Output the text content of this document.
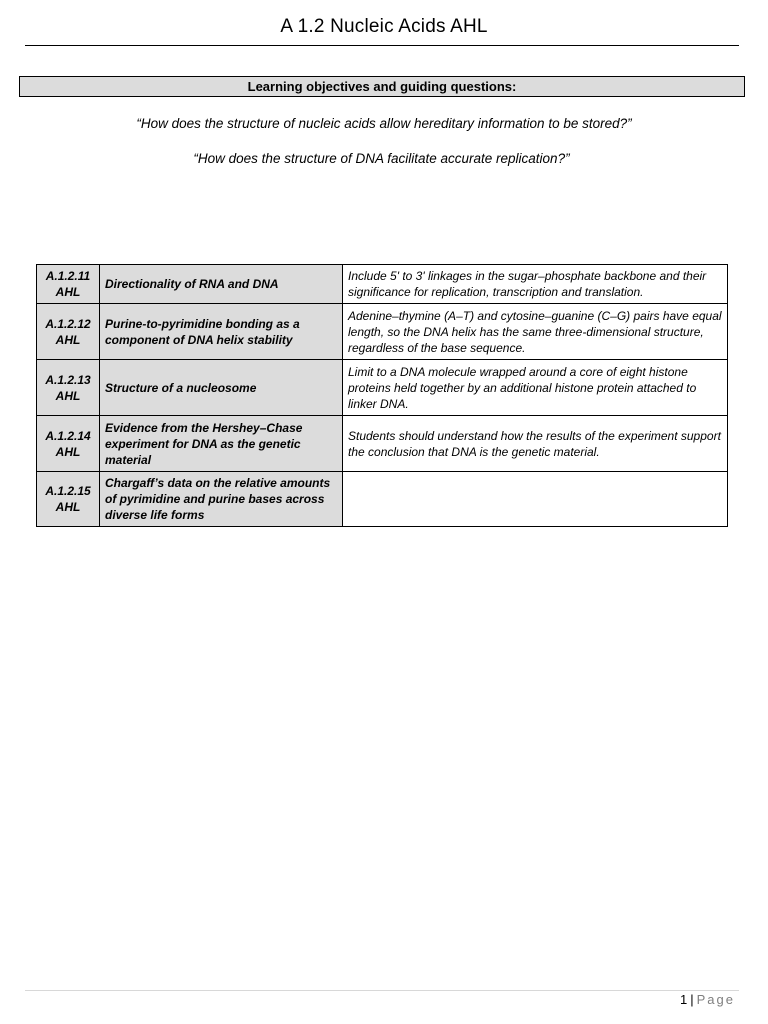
A 1.2 Nucleic Acids AHL
Learning objectives and guiding questions:
“How does the structure of nucleic acids allow hereditary information to be stored?”
“How does the structure of DNA facilitate accurate replication?”
A.1.2.11
AHL	Directionality of RNA and DNA	Include 5' to 3' linkages in the sugar–phosphate backbone and their significance for replication, transcription and translation.
A.1.2.12
AHL	Purine-to-pyrimidine bonding as a component of DNA helix stability	Adenine–thymine (A–T) and cytosine–guanine (C–G) pairs have equal length, so the DNA helix has the same three-dimensional structure, regardless of the base sequence.
A.1.2.13
AHL	Structure of a nucleosome	Limit to a DNA molecule wrapped around a core of eight histone proteins held together by an additional histone protein attached to linker DNA.
A.1.2.14
AHL	Evidence from the Hershey–Chase experiment for DNA as the genetic material	Students should understand how the results of the experiment support the conclusion that DNA is the genetic material.
A.1.2.15
AHL	Chargaff’s data on the relative amounts of pyrimidine and purine bases across diverse life forms	
1 | Page
